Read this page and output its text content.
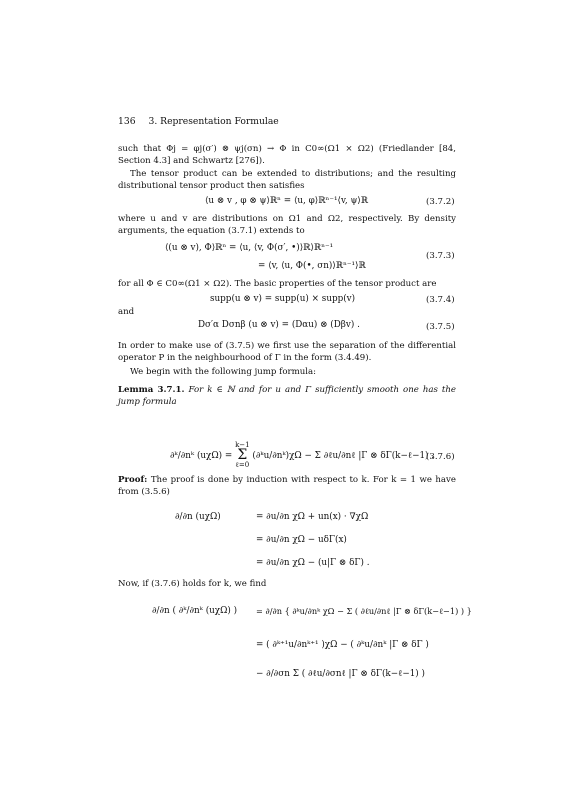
136 3. Representation Formulae
such that Φj = φj(σ′) ⊗ ψj(σn) → Φ in C0∞(Ω1 × Ω2) (Friedlander [84, Section 4.3] and Schwartz [276]).
The tensor product can be extended to distributions; and the resulting distributional tensor product then satisfies
⟨u ⊗ v , φ ⊗ ψ⟩ℝⁿ = ⟨u, φ⟩ℝⁿ⁻¹⟨v, ψ⟩ℝ	(3.7.2)
where u and v are distributions on Ω1 and Ω2, respectively. By density arguments, the equation (3.7.1) extends to
⟨(u ⊗ v), Φ⟩ℝⁿ = ⟨u, ⟨v, Φ(σ′, •)⟩ℝ⟩ℝⁿ⁻¹
= ⟨v, ⟨u, Φ(•, σn)⟩ℝⁿ⁻¹⟩ℝ
(3.7.3)
for all Φ ∈ C0∞(Ω1 × Ω2). The basic properties of the tensor product are
supp(u ⊗ v) = supp(u) × supp(v)	(3.7.4)
and
Dσ′α Dσnβ (u ⊗ v) = (Dαu) ⊗ (Dβv) .	(3.7.5)
In order to make use of (3.7.5) we first use the separation of the differential operator P in the neighbourhood of Γ in the form (3.4.49).
We begin with the following jump formula:
Lemma 3.7.1. For k ∈ ℕ and for u and Γ sufficiently smooth one has the jump formula
∂ᵏ/∂nᵏ (uχΩ) = k−1
Σ
ℓ=0 (∂ᵏu/∂nᵏ)χΩ − Σ ∂ℓu/∂nℓ |Γ ⊗ δΓ(k−ℓ−1) .
(3.7.6)
Proof: The proof is done by induction with respect to k. For k = 1 we have from (3.5.6)
∂/∂n (uχΩ)	= ∂u/∂n χΩ + un(x) · ∇χΩ
= ∂u/∂n χΩ − uδΓ(x)
= ∂u/∂n χΩ − (u|Γ ⊗ δΓ) .
Now, if (3.7.6) holds for k, we find
∂/∂n ( ∂ᵏ/∂nᵏ (uχΩ) ) = ∂/∂n { ∂ᵏu/∂nᵏ χΩ − Σ ( ∂ℓu/∂nℓ |Γ ⊗ δΓ(k−ℓ−1) ) }
= ( ∂ᵏ⁺¹u/∂nᵏ⁺¹ )χΩ − ( ∂ᵏu/∂nᵏ |Γ ⊗ δΓ )
− ∂/∂σn Σ ( ∂ℓu/∂σnℓ |Γ ⊗ δΓ(k−ℓ−1) )
